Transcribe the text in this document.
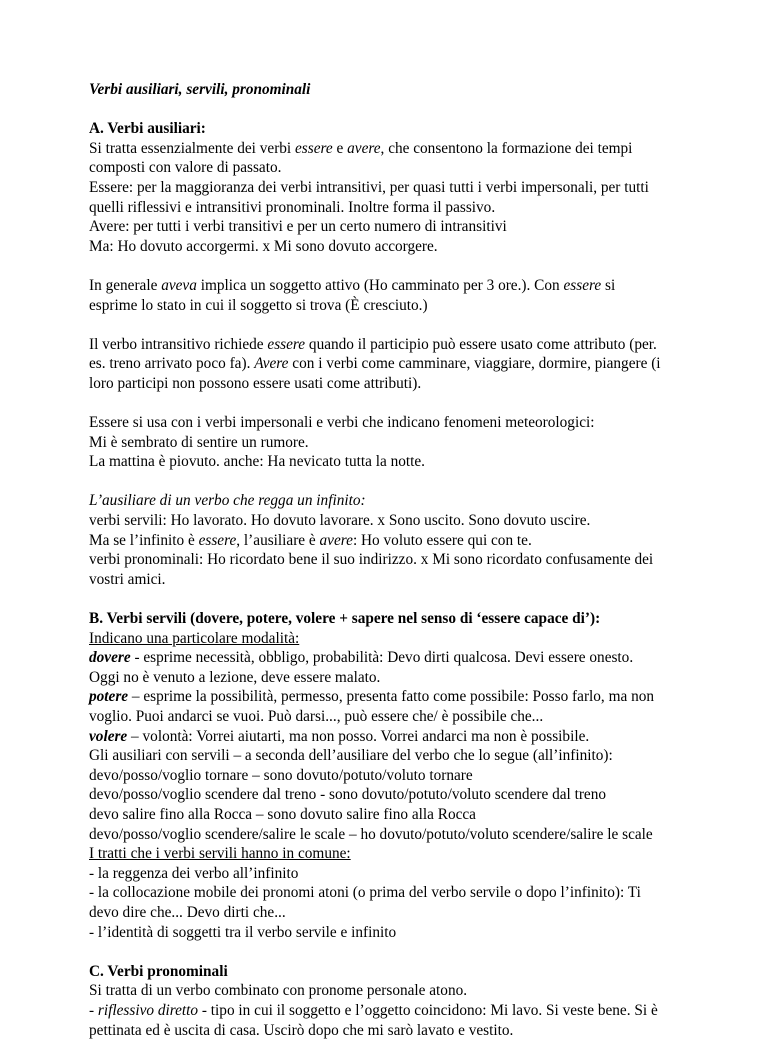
Verbi ausiliari, servili, pronominali

A. Verbi ausiliari:

Si tratta essenzialmente dei verbi essere e avere, che consentono la formazione dei tempi

composti con valore di passato.

Essere: per la maggioranza dei verbi intransitivi, per quasi tutti i verbi impersonali, per tutti

quelli riflessivi e intransitivi pronominali. Inoltre forma il passivo.

Avere: per tutti i verbi transitivi e per un certo numero di intransitivi

Ma: Ho dovuto accorgermi. x Mi sono dovuto accorgere.

In generale aveva implica un soggetto attivo (Ho camminato per 3 ore.). Con essere si

esprime lo stato in cui il soggetto si trova (È cresciuto.)

Il verbo intransitivo richiede essere quando il participio può essere usato come attributo (per.

es. treno arrivato poco fa). Avere con i verbi come camminare, viaggiare, dormire, piangere (i

loro participi non possono essere usati come attributi).

Essere si usa con i verbi impersonali e verbi che indicano fenomeni meteorologici:

Mi è sembrato di sentire un rumore.

La mattina è piovuto. anche: Ha nevicato tutta la notte.

L’ausiliare di un verbo che regga un infinito:

verbi servili: Ho lavorato. Ho dovuto lavorare. x Sono uscito. Sono dovuto uscire.

Ma se l’infinito è essere, l’ausiliare è avere: Ho voluto essere qui con te.

verbi pronominali: Ho ricordato bene il suo indirizzo. x Mi sono ricordato confusamente dei

vostri amici.

B. Verbi servili (dovere, potere, volere + sapere nel senso di ‘essere capace di’):

Indicano una particolare modalità:

dovere - esprime necessità, obbligo, probabilità: Devo dirti qualcosa. Devi essere onesto.

Oggi no è venuto a lezione, deve essere malato.

potere – esprime la possibilità, permesso, presenta fatto come possibile: Posso farlo, ma non

voglio. Puoi andarci se vuoi. Può darsi..., può essere che/ è possibile che...

volere – volontà: Vorrei aiutarti, ma non posso. Vorrei andarci ma non è possibile.

Gli ausiliari con servili – a seconda dell’ausiliare del verbo che lo segue (all’infinito):

devo/posso/voglio tornare – sono dovuto/potuto/voluto tornare

devo/posso/voglio scendere dal treno - sono dovuto/potuto/voluto scendere dal treno

devo salire fino alla Rocca – sono dovuto salire fino alla Rocca

devo/posso/voglio scendere/salire le scale – ho dovuto/potuto/voluto scendere/salire le scale

I tratti che i verbi servili hanno in comune:

- la reggenza dei verbo all’infinito

- la collocazione mobile dei pronomi atoni (o prima del verbo servile o dopo l’infinito): Ti

devo dire che... Devo dirti che...

- l’identità di soggetti tra il verbo servile e infinito

C. Verbi pronominali

Si tratta di un verbo combinato con pronome personale atono.

- riflessivo diretto - tipo in cui il soggetto e l’oggetto coincidono: Mi lavo. Si veste bene. Si è

pettinata ed è uscita di casa. Uscirò dopo che mi sarò lavato e vestito.
